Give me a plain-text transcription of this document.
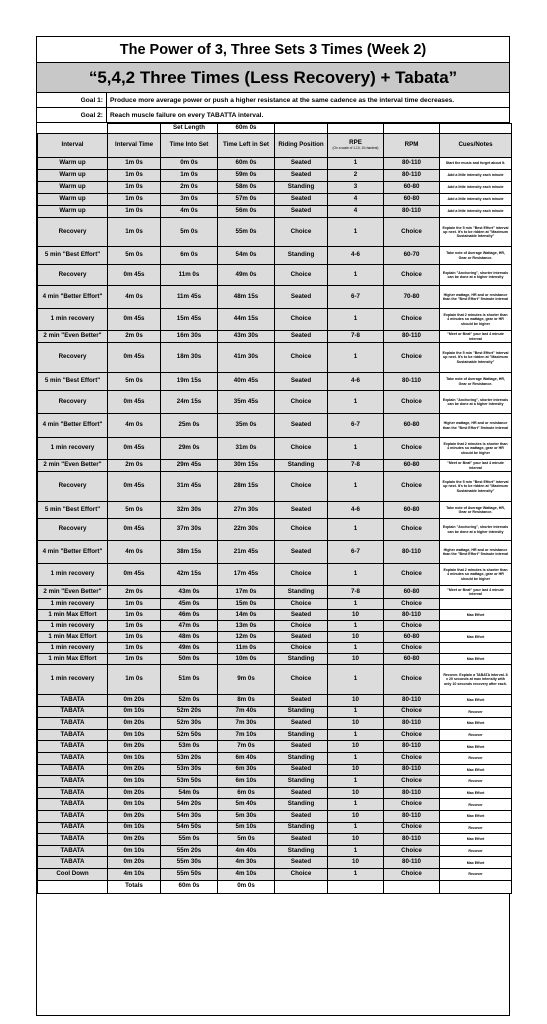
The Power of 3, Three Sets 3 Times (Week 2)
“5,4,2 Three Times (Less Recovery) + Tabata”
Goal 1:	Produce more average power or push a higher resistance at the same cadence as the interval time decreases.
Goal 2:	Reach muscle failure on every TABATTA interval.
		Set Length	60m 0s				
Interval	Interval Time	Time Into Set	Time Left in Set	Riding Position	RPE
(On a scale of 1-10, 10=hardest)	RPM	Cues/Notes
Warm up	1m 0s	0m 0s	60m 0s	Seated	1	80-110	Start the music and forget about it.
Warm up	1m 0s	1m 0s	59m 0s	Seated	2	80-110	Add a little intensity each minute
Warm up	1m 0s	2m 0s	58m 0s	Standing	3	60-80	Add a little intensity each minute
Warm up	1m 0s	3m 0s	57m 0s	Seated	4	60-80	Add a little intensity each minute
Warm up	1m 0s	4m 0s	56m 0s	Seated	4	80-110	Add a little intensity each minute
Recovery	1m 0s	5m 0s	55m 0s	Choice	1	Choice	Explain the 5 min "Best Effort" interval up next. It's to be ridden at "Maximum Sustainable Intensity"
5 min "Best Effort"	5m 0s	6m 0s	54m 0s	Standing	4-6	60-70	Take note of Average Wattage, HR, Gear or Resistance.
Recovery	0m 45s	11m 0s	49m 0s	Choice	1	Choice	Explain "Anchoring", shorter intervals can be done at a higher intensity
4 min "Better Effort"	4m 0s	11m 45s	48m 15s	Seated	6-7	70-80	Higher wattage, HR and or resistance than the "Best Effort" 5minute interval
1 min recovery	0m 45s	15m 45s	44m 15s	Choice	1	Choice	Explain that 2 minutes is shorter than 4 minutes so wattage, gear or HR should be higher
2 min "Even Better"	2m 0s	16m 30s	43m 30s	Seated	7-8	80-110	"Meet or Beat" your last 4 minute interval
Recovery	0m 45s	18m 30s	41m 30s	Choice	1	Choice	Explain the 5 min "Best Effort" interval up next. It's to be ridden at "Maximum Sustainable Intensity"
5 min "Best Effort"	5m 0s	19m 15s	40m 45s	Seated	4-6	80-110	Take note of Average Wattage, HR, Gear or Resistance.
Recovery	0m 45s	24m 15s	35m 45s	Choice	1	Choice	Explain "Anchoring", shorter intervals can be done at a higher intensity
4 min "Better Effort"	4m 0s	25m 0s	35m 0s	Seated	6-7	60-80	Higher wattage, HR and or resistance than the "Best Effort" 5minute interval
1 min recovery	0m 45s	29m 0s	31m 0s	Choice	1	Choice	Explain that 2 minutes is shorter than 4 minutes so wattage, gear or HR should be higher
2 min "Even Better"	2m 0s	29m 45s	30m 15s	Standing	7-8	60-80	"Meet or Beat" your last 4 minute interval
Recovery	0m 45s	31m 45s	28m 15s	Choice	1	Choice	Explain the 5 min "Best Effort" interval up next. It's to be ridden at "Maximum Sustainable Intensity"
5 min "Best Effort"	5m 0s	32m 30s	27m 30s	Seated	4-6	60-80	Take note of Average Wattage, HR, Gear or Resistance.
Recovery	0m 45s	37m 30s	22m 30s	Choice	1	Choice	Explain "Anchoring", shorter intervals can be done at a higher intensity
4 min "Better Effort"	4m 0s	38m 15s	21m 45s	Seated	6-7	80-110	Higher wattage, HR and or resistance than the "Best Effort" 5minute interval
1 min recovery	0m 45s	42m 15s	17m 45s	Choice	1	Choice	Explain that 2 minutes is shorter than 4 minutes so wattage, gear or HR should be higher
2 min "Even Better"	2m 0s	43m 0s	17m 0s	Standing	7-8	60-80	"Meet or Beat" your last 4 minute interval
1 min recovery	1m 0s	45m 0s	15m 0s	Choice	1	Choice	
1 min Max Effort	1m 0s	46m 0s	14m 0s	Seated	10	80-110	Max Effort
1 min recovery	1m 0s	47m 0s	13m 0s	Choice	1	Choice	
1 min Max Effort	1m 0s	48m 0s	12m 0s	Seated	10	60-80	Max Effort
1 min recovery	1m 0s	49m 0s	11m 0s	Choice	1	Choice	
1 min Max Effort	1m 0s	50m 0s	10m 0s	Standing	10	60-80	Max Effort
1 min recovery	1m 0s	51m 0s	9m 0s	Choice	1	Choice	Recover. Explain a TABATA interval. 8 x 20 seconds at max intensity with only 10 seconds recovery after each.
TABATA	0m 20s	52m 0s	8m 0s	Seated	10	80-110	Max Effort
TABATA	0m 10s	52m 20s	7m 40s	Standing	1	Choice	Recover
TABATA	0m 20s	52m 30s	7m 30s	Seated	10	80-110	Max Effort
TABATA	0m 10s	52m 50s	7m 10s	Standing	1	Choice	Recover
TABATA	0m 20s	53m 0s	7m 0s	Seated	10	80-110	Max Effort
TABATA	0m 10s	53m 20s	6m 40s	Standing	1	Choice	Recover
TABATA	0m 20s	53m 30s	6m 30s	Seated	10	80-110	Max Effort
TABATA	0m 10s	53m 50s	6m 10s	Standing	1	Choice	Recover
TABATA	0m 20s	54m 0s	6m 0s	Seated	10	80-110	Max Effort
TABATA	0m 10s	54m 20s	5m 40s	Standing	1	Choice	Recover
TABATA	0m 20s	54m 30s	5m 30s	Seated	10	80-110	Max Effort
TABATA	0m 10s	54m 50s	5m 10s	Standing	1	Choice	Recover
TABATA	0m 20s	55m 0s	5m 0s	Seated	10	80-110	Max Effort
TABATA	0m 10s	55m 20s	4m 40s	Standing	1	Choice	Recover
TABATA	0m 20s	55m 30s	4m 30s	Seated	10	80-110	Max Effort
Cool Down	4m 10s	55m 50s	4m 10s	Choice	1	Choice	Recover
	Totals	60m 0s	0m 0s				
